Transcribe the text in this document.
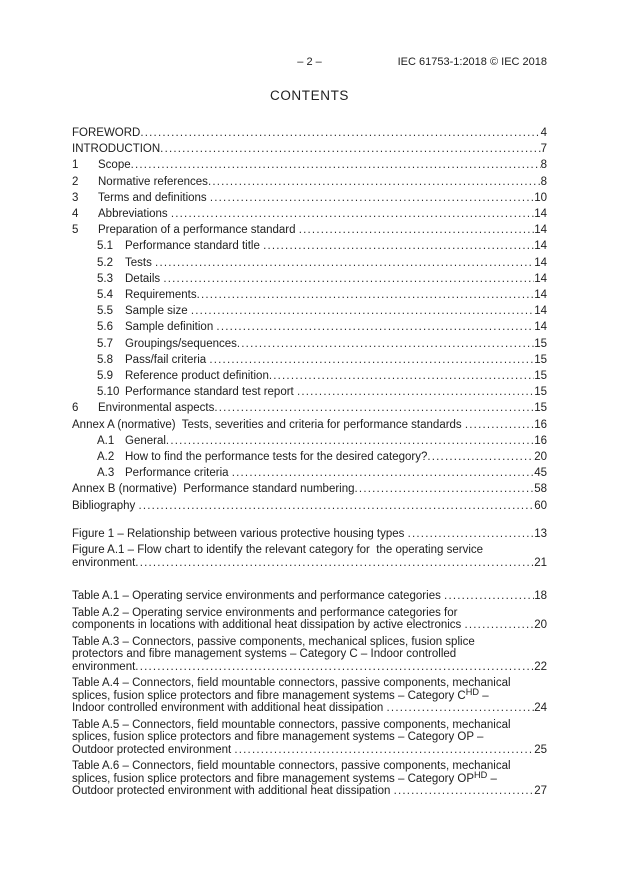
– 2 –	IEC 61753-1:2018 © IEC 2018
CONTENTS
FOREWORD .....	4
INTRODUCTION .....	7
1	Scope .....	8
2	Normative references .....	8
3	Terms and definitions .....	10
4	Abbreviations .....	14
5	Preparation of a performance standard .....	14
5.1	Performance standard title .....	14
5.2	Tests .....	14
5.3	Details .....	14
5.4	Requirements .....	14
5.5	Sample size .....	14
5.6	Sample definition .....	14
5.7	Groupings/sequences .....	15
5.8	Pass/fail criteria .....	15
5.9	Reference product definition .....	15
5.10 Performance standard test report .....	15
6	Environmental aspects .....	15
Annex A (normative)  Tests, severities and criteria for performance standards .....	16
A.1 General .....	16
A.2 How to find the performance tests for the desired category? .....	20
A.3 Performance criteria .....	45
Annex B (normative)  Performance standard numbering .....	58
Bibliography .....	60
Figure 1 – Relationship between various protective housing types .....	13
Figure A.1 – Flow chart to identify the relevant category for  the operating service
environment .....	21
Table A.1 – Operating service environments and performance categories .....	18
Table A.2 – Operating service environments and performance categories for
components in locations with additional heat dissipation by active electronics .....	20
Table A.3 – Connectors, passive components, mechanical splices, fusion splice
protectors and fibre management systems – Category C – Indoor controlled
environment .....	22
Table A.4 – Connectors, field mountable connectors, passive components, mechanical
splices, fusion splice protectors and fibre management systems – Category $C^{HD}$ –
Indoor controlled environment with additional heat dissipation .....	24
Table A.5 – Connectors, field mountable connectors, passive components, mechanical
splices, fusion splice protectors and fibre management systems – Category OP –
Outdoor protected environment .....	25
Table A.6 – Connectors, field mountable connectors, passive components, mechanical
splices, fusion splice protectors and fibre management systems – Category $OP^{HD}$ –
Outdoor protected environment with additional heat dissipation .....	27
